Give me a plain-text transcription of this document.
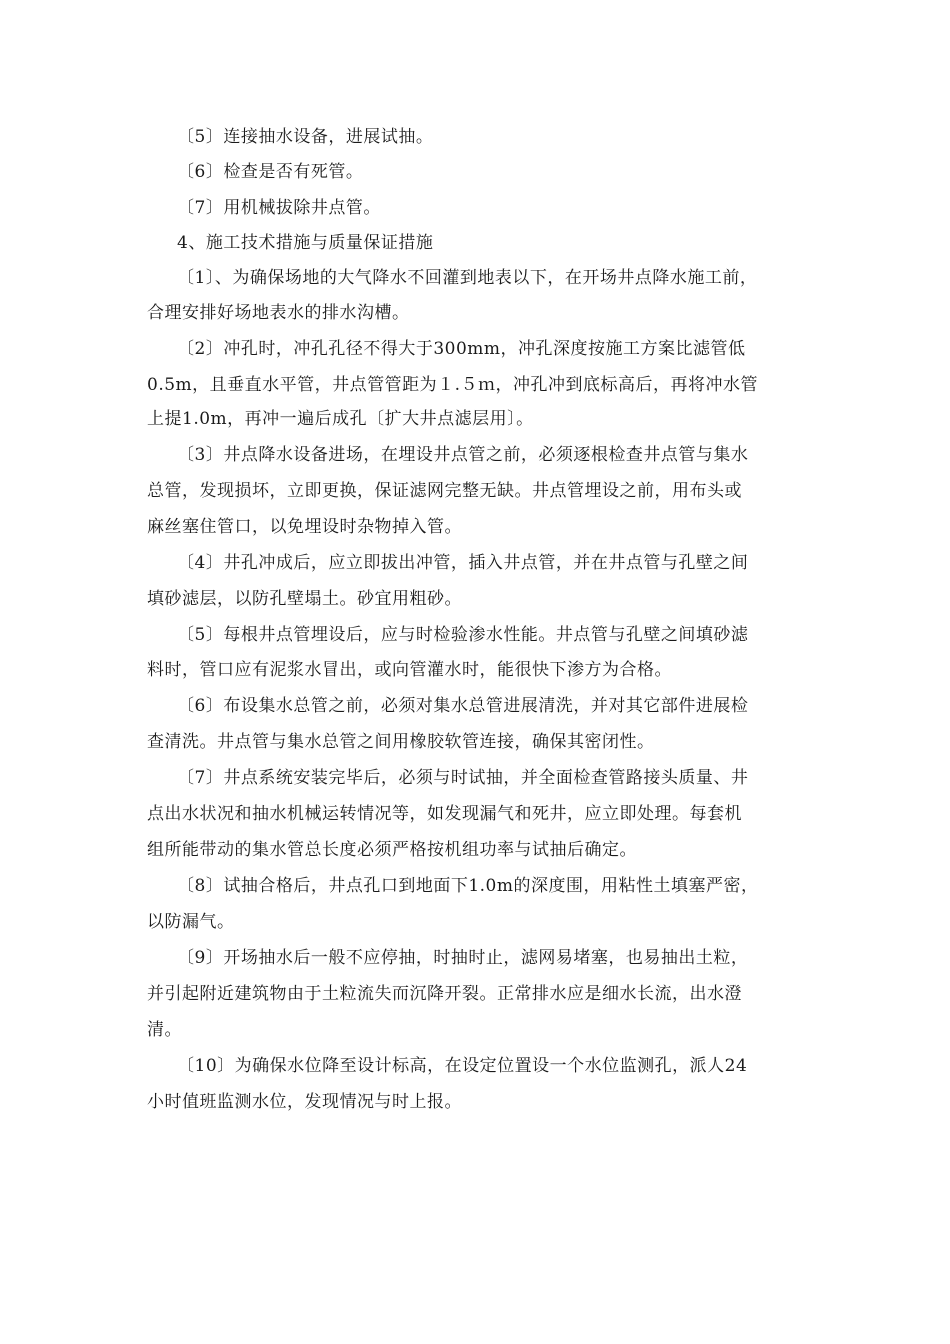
〔5〕连接抽水设备，进展试抽。
〔6〕检查是否有死管。
〔7〕用机械拔除井点管。
4、施工技术措施与质量保证措施
〔1〕、为确保场地的大气降水不回灌到地表以下，在开场井点降水施工前，
合理安排好场地表水的排水沟槽。
〔2〕冲孔时，冲孔孔径不得大于300mm，冲孔深度按施工方案比滤管低
0.5m，且垂直水平管，井点管管距为１.５ｍ，冲孔冲到底标高后，再将冲水管
上提1.0m，再冲一遍后成孔〔扩大井点滤层用〕。
〔3〕井点降水设备进场，在埋设井点管之前，必须逐根检查井点管与集水
总管，发现损坏，立即更换，保证滤网完整无缺。井点管埋设之前，用布头或
麻丝塞住管口，以免埋设时杂物掉入管。
〔4〕井孔冲成后，应立即拔出冲管，插入井点管，并在井点管与孔壁之间
填砂滤层，以防孔壁塌土。砂宜用粗砂。
〔5〕每根井点管埋设后，应与时检验渗水性能。井点管与孔壁之间填砂滤
料时，管口应有泥浆水冒出，或向管灌水时，能很快下渗方为合格。
〔6〕布设集水总管之前，必须对集水总管进展清洗，并对其它部件进展检
查清洗。井点管与集水总管之间用橡胶软管连接，确保其密闭性。
〔7〕井点系统安装完毕后，必须与时试抽，并全面检查管路接头质量、井
点出水状况和抽水机械运转情况等，如发现漏气和死井，应立即处理。每套机
组所能带动的集水管总长度必须严格按机组功率与试抽后确定。
〔8〕试抽合格后，井点孔口到地面下1.0m的深度围，用粘性土填塞严密，
以防漏气。
〔9〕开场抽水后一般不应停抽，时抽时止，滤网易堵塞，也易抽出土粒，
并引起附近建筑物由于土粒流失而沉降开裂。正常排水应是细水长流，出水澄
清。
〔10〕为确保水位降至设计标高，在设定位置设一个水位监测孔，派人24
小时值班监测水位，发现情况与时上报。
